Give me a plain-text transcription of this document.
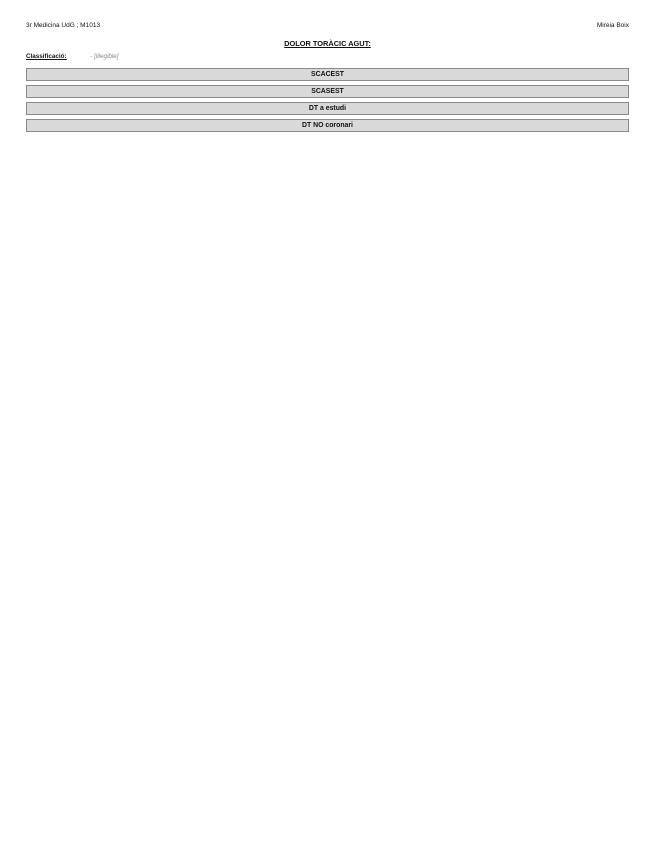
3r Medicina UdG ; M1013	Mireia Boix
DOLOR TORÀCIC AGUT:
Classificació:
-	[illegible]
SCACEST
SCASEST
DT a estudi
DT NO coronari
